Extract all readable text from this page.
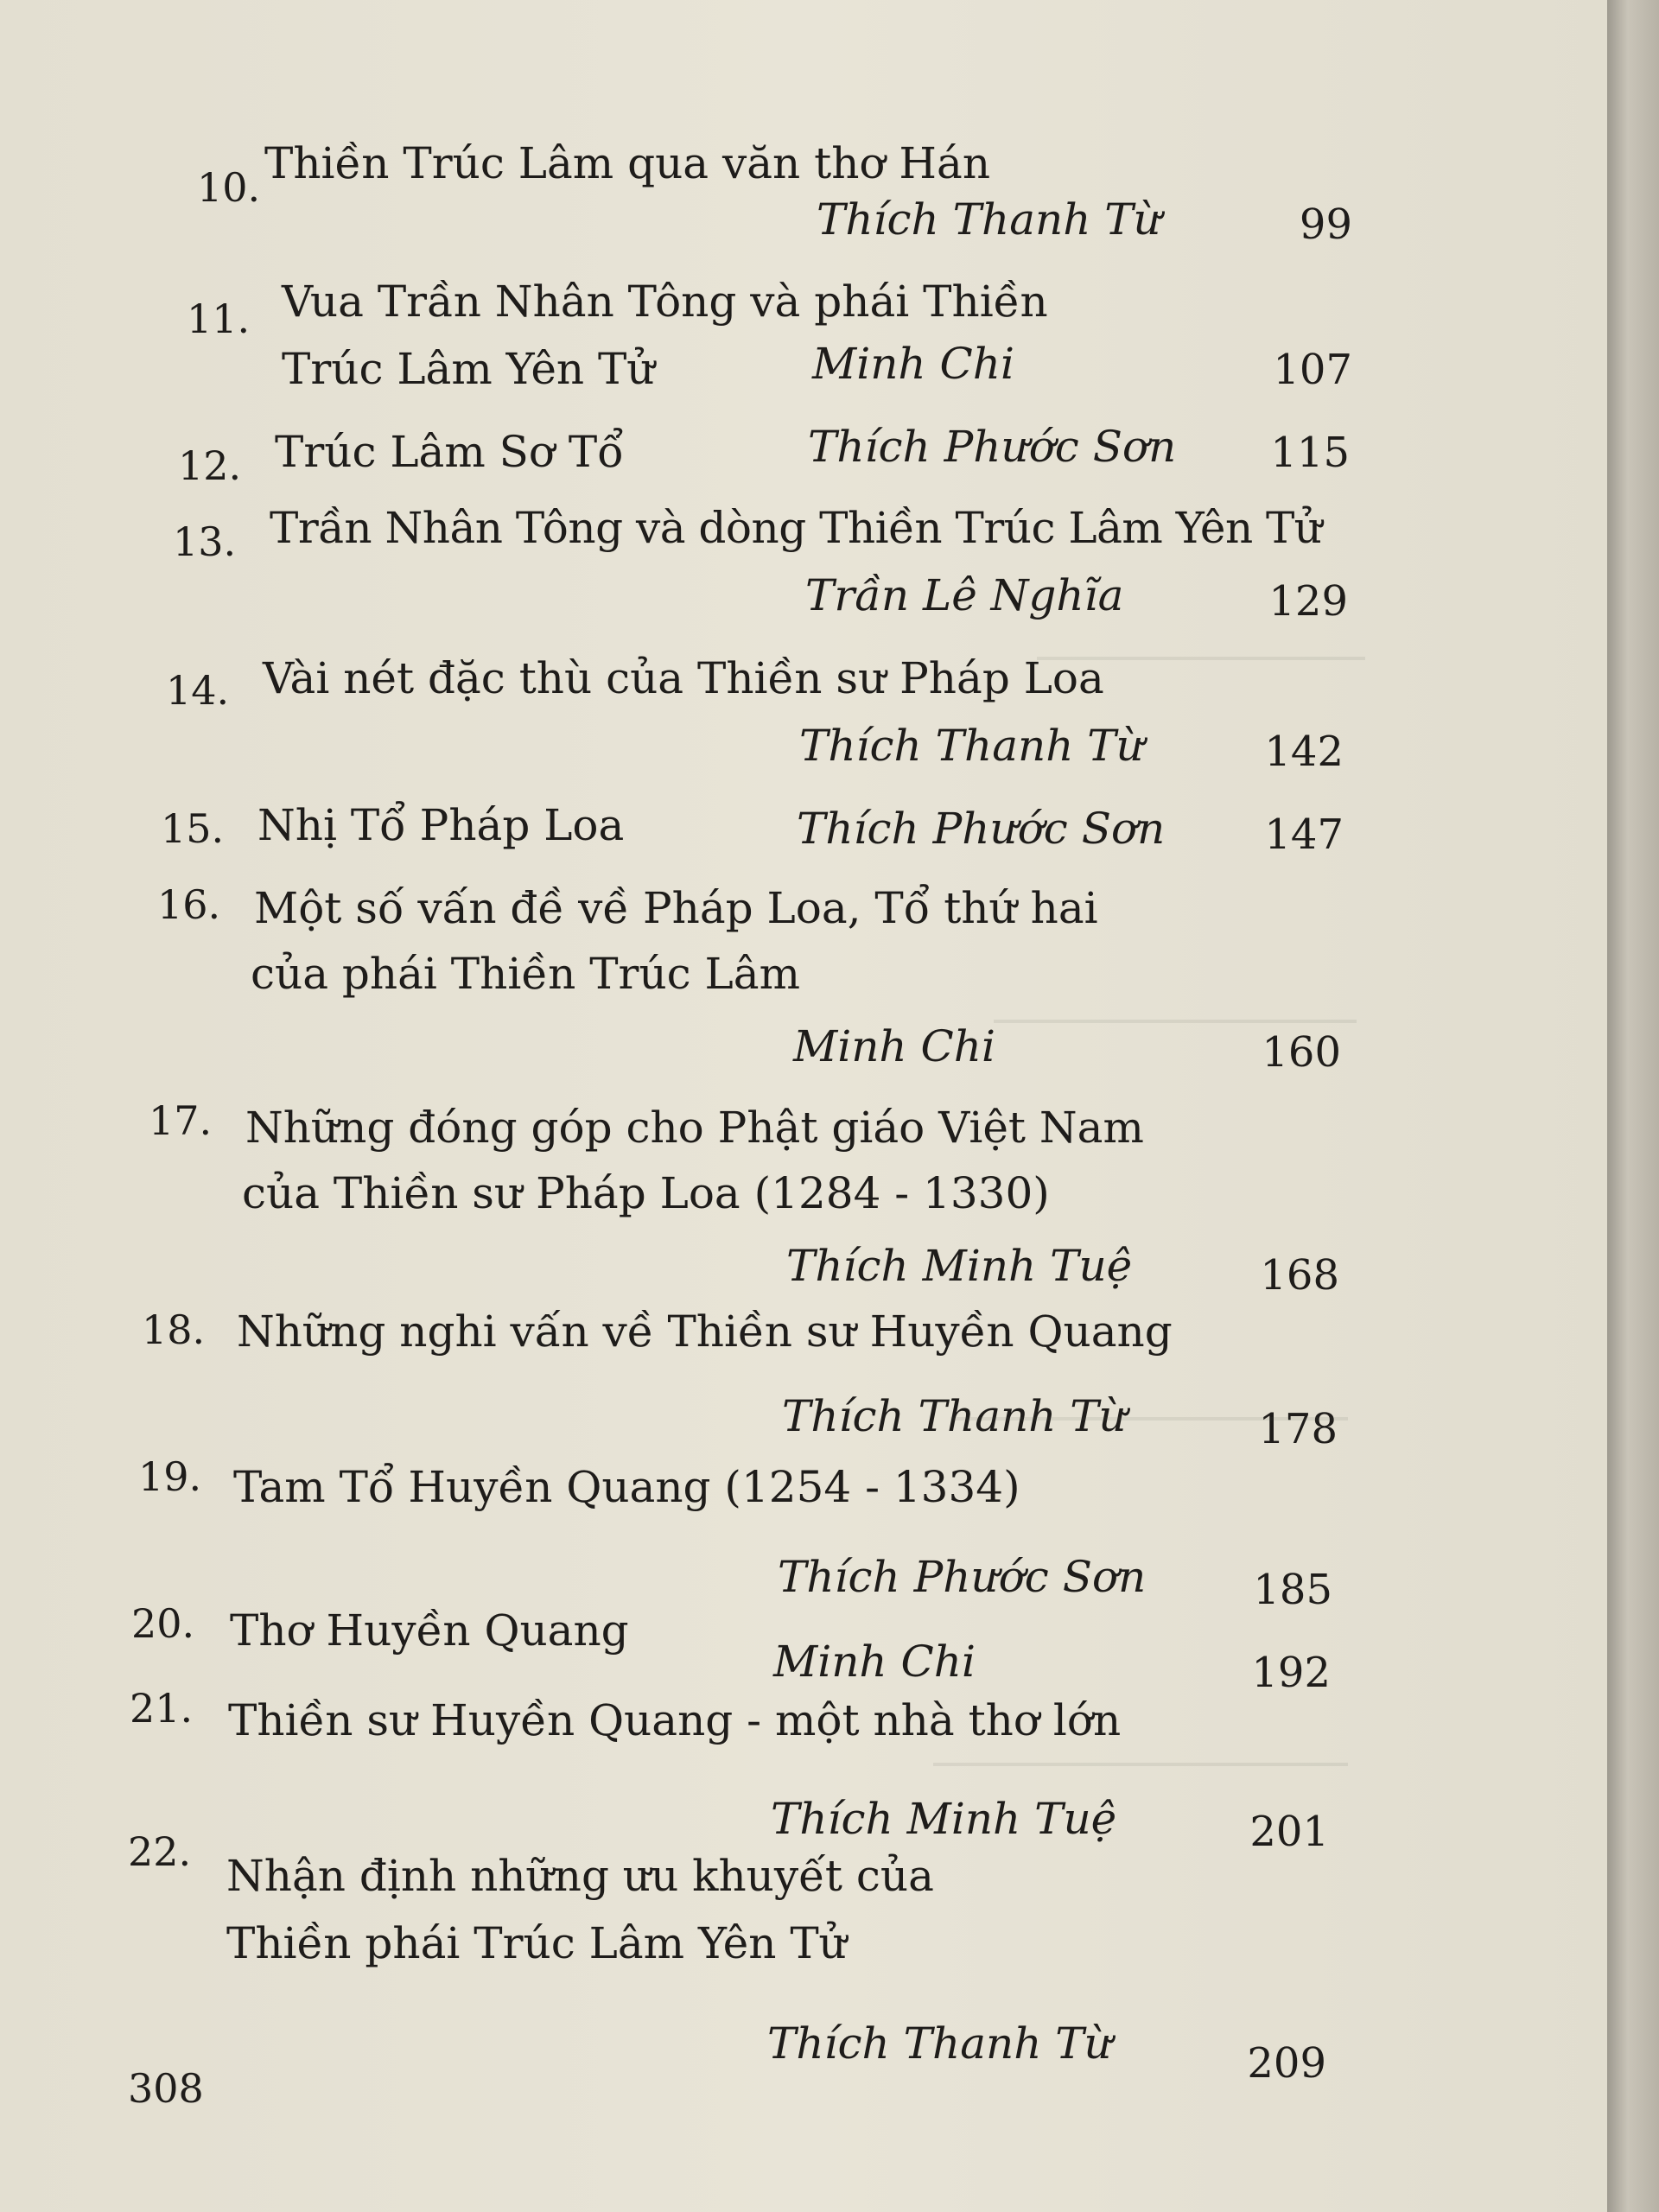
10. Thiền Trúc Lâm qua văn thơ Hán
Thích Thanh Từ	99
11. Vua Trần Nhân Tông và phái Thiền
Trúc Lâm Yên Tử	Minh Chi	107
12. Trúc Lâm Sơ Tổ	Thích Phước Sơn	115
13. Trần Nhân Tông và dòng Thiền Trúc Lâm Yên Tử
Trần Lê Nghĩa	129
14. Vài nét đặc thù của Thiền sư Pháp Loa
Thích Thanh Từ	142
15. Nhị Tổ Pháp Loa	Thích Phước Sơn	147
16. Một số vấn đề về Pháp Loa, Tổ thứ hai
của phái Thiền Trúc Lâm
Minh Chi	160
17. Những đóng góp cho Phật giáo Việt Nam
của Thiền sư Pháp Loa (1284 - 1330)
Thích Minh Tuệ	168
18. Những nghi vấn về Thiền sư Huyền Quang
Thích Thanh Từ	178
19. Tam Tổ Huyền Quang (1254 - 1334)
Thích Phước Sơn	185
20. Thơ Huyền Quang
Minh Chi	192
21. Thiền sư Huyền Quang - một nhà thơ lớn
Thích Minh Tuệ	201
22. Nhận định những ưu khuyết của
Thiền phái Trúc Lâm Yên Tử
Thích Thanh Từ	209
308
